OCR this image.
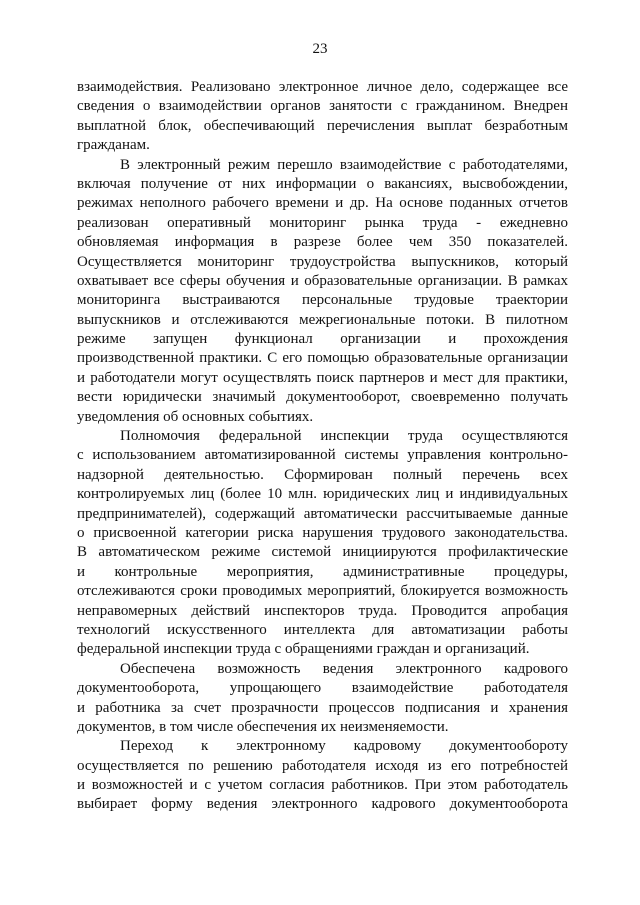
23

взаимодействия. Реализовано электронное личное дело, содержащее все
сведения о взаимодействии органов занятости с гражданином. Внедрен
выплатной блок, обеспечивающий перечисления выплат безработным
гражданам.

В электронный режим перешло взаимодействие с работодателями,
включая получение от них информации о вакансиях, высвобождении,
режимах неполного рабочего времени и др. На основе поданных отчетов
реализован оперативный мониторинг рынка труда - ежедневно
обновляемая информация в разрезе более чем 350 показателей.
Осуществляется мониторинг трудоустройства выпускников, который
охватывает все сферы обучения и образовательные организации. В рамках
мониторинга выстраиваются персональные трудовые траектории
выпускников и отслеживаются межрегиональные потоки. В пилотном
режиме запущен функционал организации и прохождения
производственной практики. С его помощью образовательные организации
и работодатели могут осуществлять поиск партнеров и мест для практики,
вести юридически значимый документооборот, своевременно получать
уведомления об основных событиях.

Полномочия федеральной инспекции труда осуществляются
с использованием автоматизированной системы управления контрольно-
надзорной деятельностью. Сформирован полный перечень всех
контролируемых лиц (более 10 млн. юридических лиц и индивидуальных
предпринимателей), содержащий автоматически рассчитываемые данные
о присвоенной категории риска нарушения трудового законодательства.
В автоматическом режиме системой инициируются профилактические
и контрольные мероприятия, административные процедуры,
отслеживаются сроки проводимых мероприятий, блокируется возможность
неправомерных действий инспекторов труда. Проводится апробация
технологий искусственного интеллекта для автоматизации работы
федеральной инспекции труда с обращениями граждан и организаций.

Обеспечена возможность ведения электронного кадрового
документооборота, упрощающего взаимодействие работодателя
и работника за счет прозрачности процессов подписания и хранения
документов, в том числе обеспечения их неизменяемости.

Переход к электронному кадровому документообороту
осуществляется по решению работодателя исходя из его потребностей
и возможностей и с учетом согласия работников. При этом работодатель
выбирает форму ведения электронного кадрового документооборота
